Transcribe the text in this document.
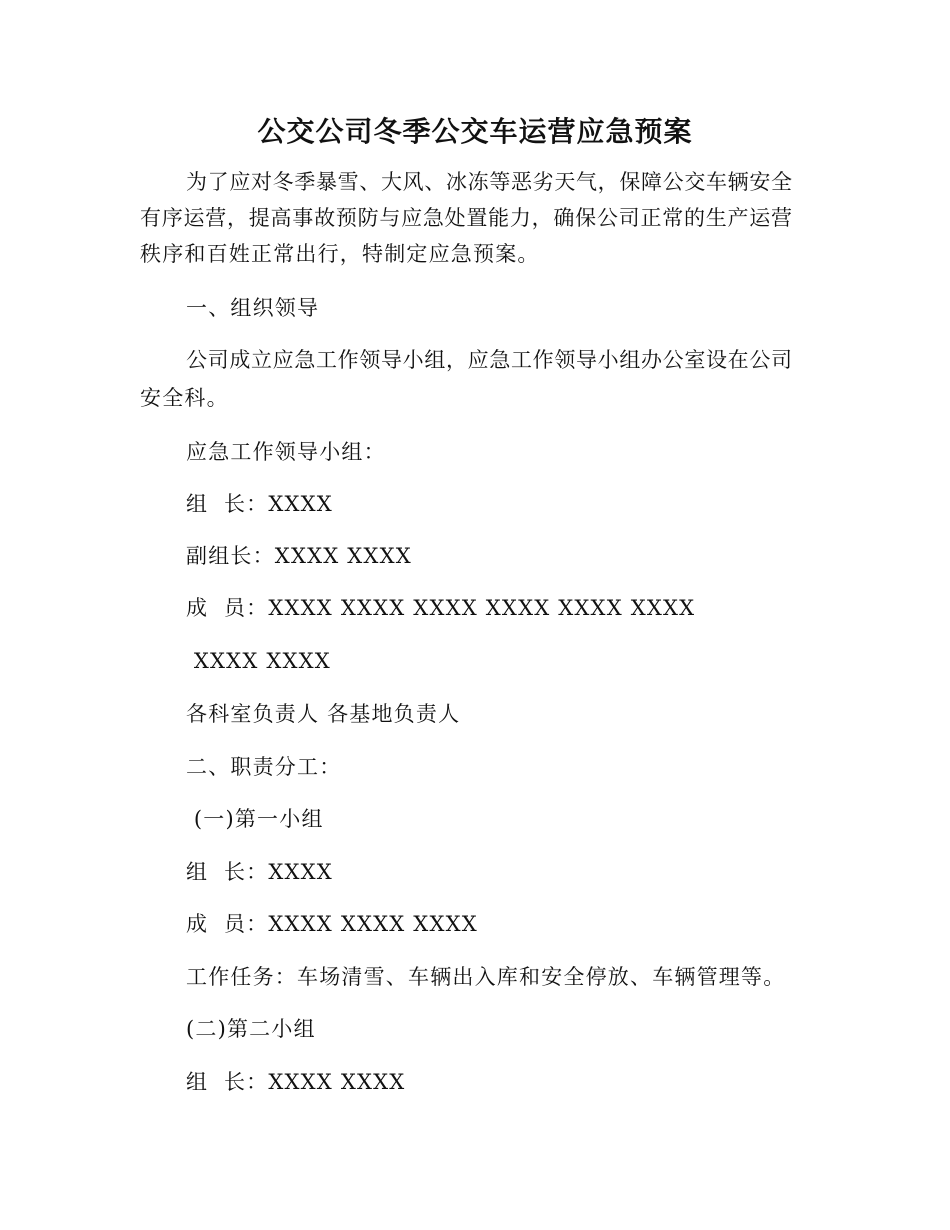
公交公司冬季公交车运营应急预案
为了应对冬季暴雪、大风、冰冻等恶劣天气，保障公交车辆安全
有序运营，提高事故预防与应急处置能力，确保公司正常的生产运营
秩序和百姓正常出行，特制定应急预案。
一、组织领导
公司成立应急工作领导小组，应急工作领导小组办公室设在公司
安全科。
应急工作领导小组：
组  长：XXXX
副组长：XXXX XXXX
成  员：XXXX XXXX XXXX XXXX XXXX XXXX
XXXX XXXX
各科室负责人 各基地负责人
二、职责分工：
(一)第一小组
组  长：XXXX
成  员：XXXX XXXX XXXX
工作任务：车场清雪、车辆出入库和安全停放、车辆管理等。
(二)第二小组
组  长：XXXX XXXX
